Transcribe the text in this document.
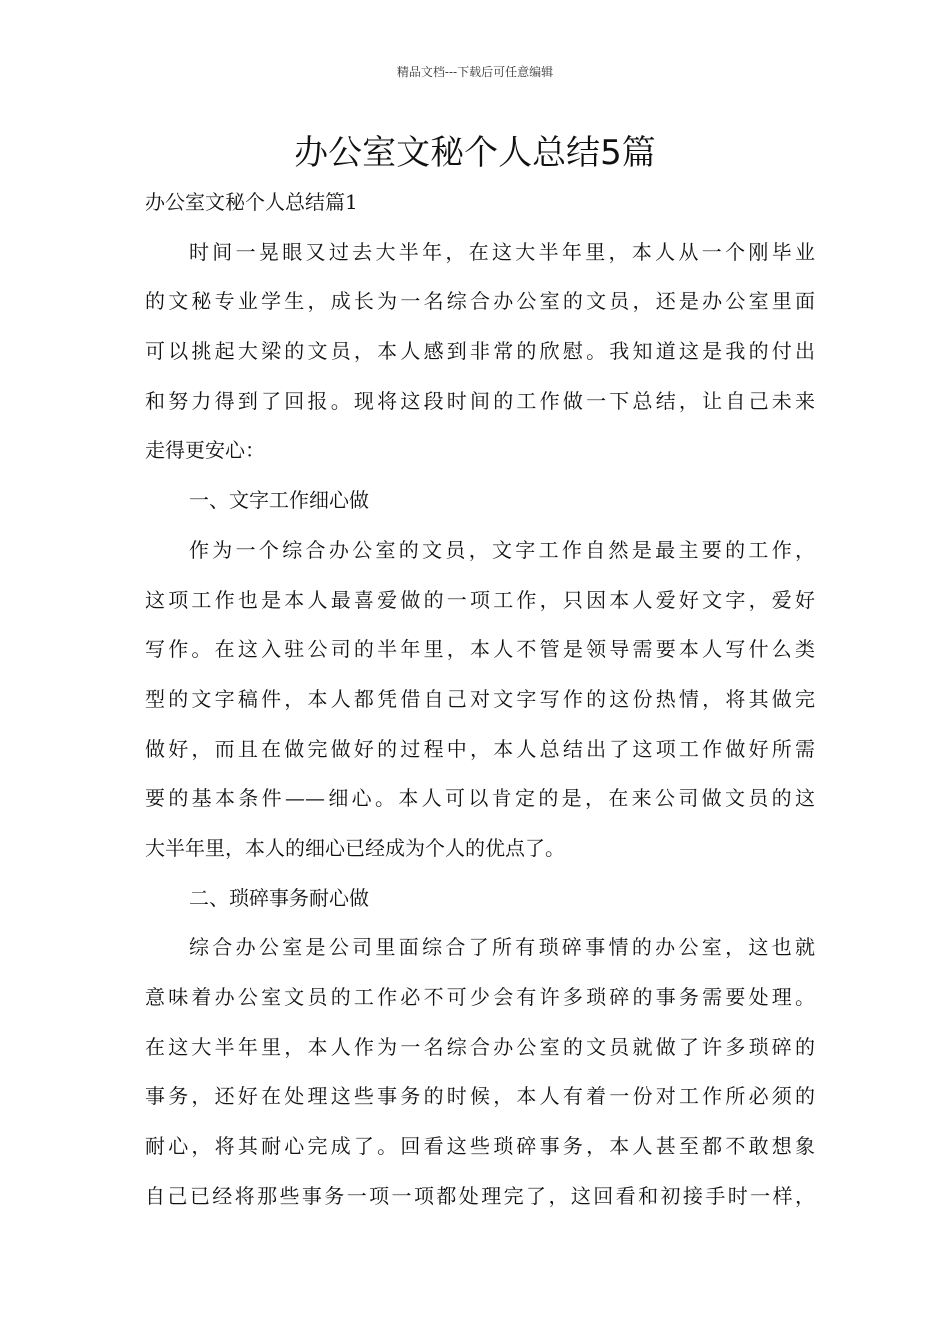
精品文档---下载后可任意编辑
办公室文秘个人总结5篇
办公室文秘个人总结篇1
时间一晃眼又过去大半年，在这大半年里，本人从一个刚毕业
的文秘专业学生，成长为一名综合办公室的文员，还是办公室里面
可以挑起大梁的文员，本人感到非常的欣慰。我知道这是我的付出
和努力得到了回报。现将这段时间的工作做一下总结，让自己未来
走得更安心：
一、文字工作细心做
作为一个综合办公室的文员，文字工作自然是最主要的工作，
这项工作也是本人最喜爱做的一项工作，只因本人爱好文字，爱好
写作。在这入驻公司的半年里，本人不管是领导需要本人写什么类
型的文字稿件，本人都凭借自己对文字写作的这份热情，将其做完
做好，而且在做完做好的过程中，本人总结出了这项工作做好所需
要的基本条件——细心。本人可以肯定的是，在来公司做文员的这
大半年里，本人的细心已经成为个人的优点了。
二、琐碎事务耐心做
综合办公室是公司里面综合了所有琐碎事情的办公室，这也就
意味着办公室文员的工作必不可少会有许多琐碎的事务需要处理。
在这大半年里，本人作为一名综合办公室的文员就做了许多琐碎的
事务，还好在处理这些事务的时候，本人有着一份对工作所必须的
耐心，将其耐心完成了。回看这些琐碎事务，本人甚至都不敢想象
自己已经将那些事务一项一项都处理完了，这回看和初接手时一样，
